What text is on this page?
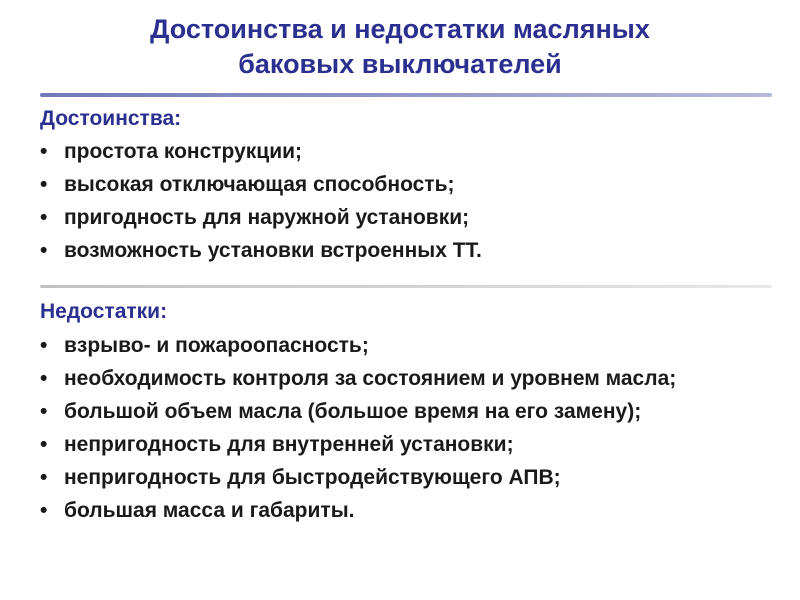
Достоинства и недостатки масляных
баковых выключателей
Достоинства:
• простота конструкции;
• высокая отключающая способность;
• пригодность для наружной установки;
• возможность установки встроенных ТТ.
Недостатки:
• взрыво- и пожароопасность;
• необходимость контроля за состоянием и уровнем масла;
• большой объем масла (большое время на его замену);
• непригодность для внутренней установки;
• непригодность для быстродействующего АПВ;
• большая масса и габариты.
